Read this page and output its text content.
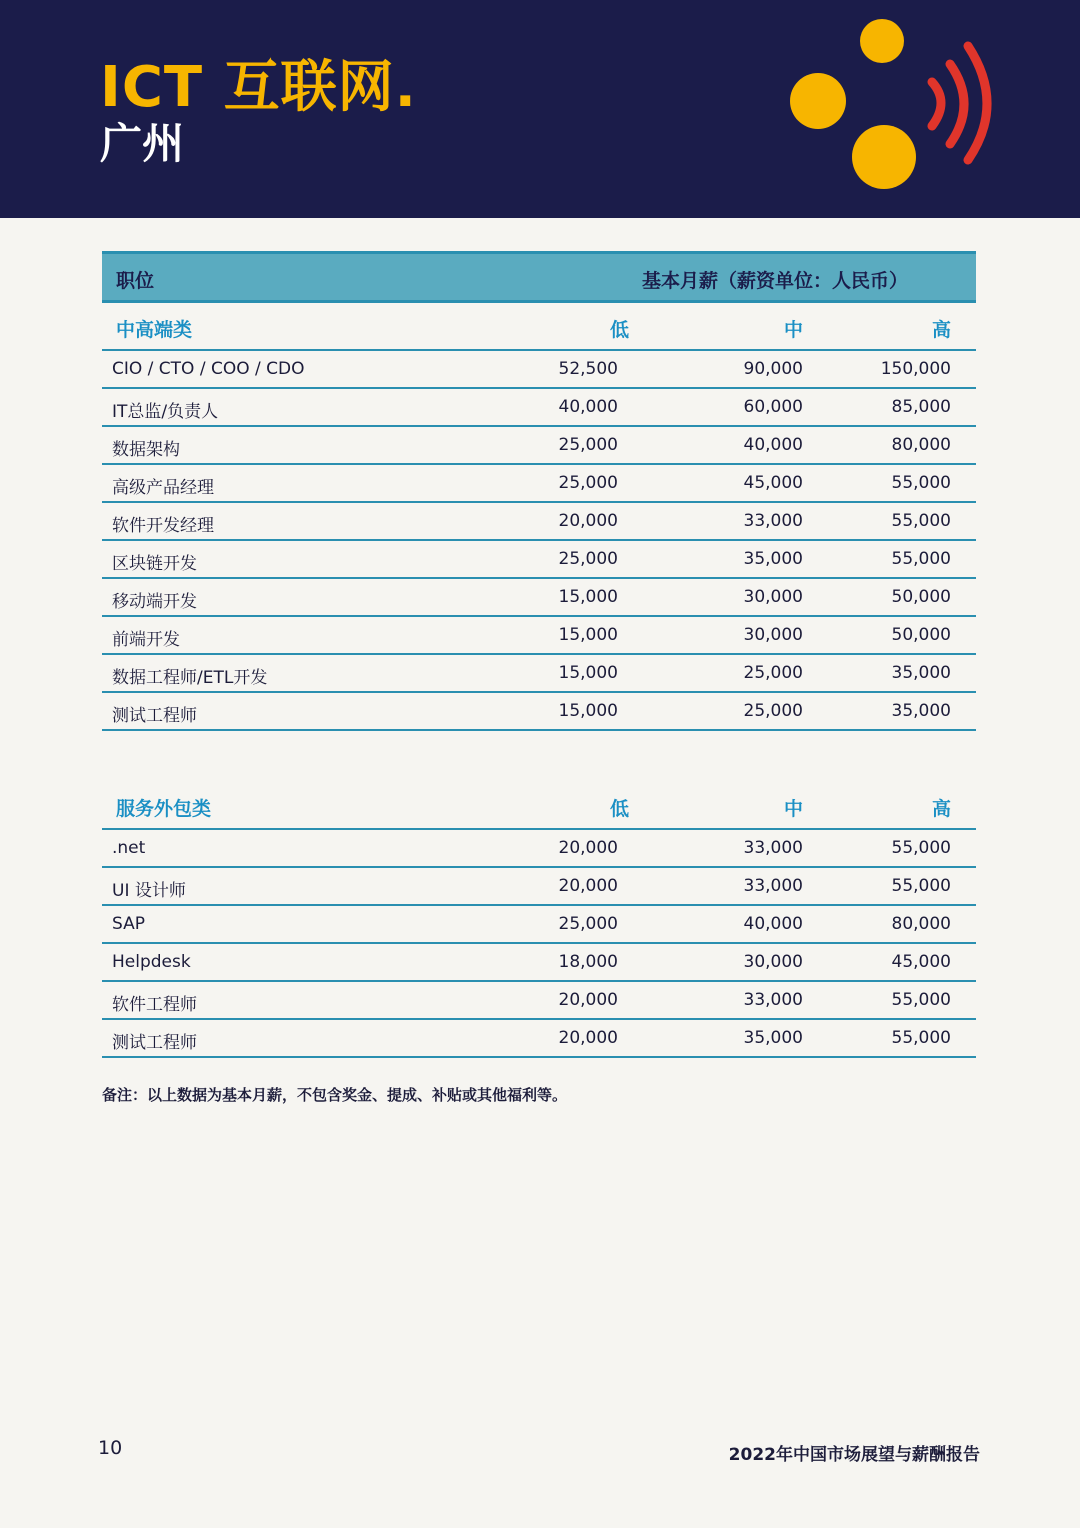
ICT 互联网.
广州
职位	基本月薪（薪资单位：人民币）
中高端类	低	中	高
CIO / CTO / COO / CDO	52,500	90,000	150,000
IT总监/负责人	40,000	60,000	85,000
数据架构	25,000	40,000	80,000
高级产品经理	25,000	45,000	55,000
软件开发经理	20,000	33,000	55,000
区块链开发	25,000	35,000	55,000
移动端开发	15,000	30,000	50,000
前端开发	15,000	30,000	50,000
数据工程师/ETL开发	15,000	25,000	35,000
测试工程师	15,000	25,000	35,000
服务外包类	低	中	高
.net	20,000	33,000	55,000
UI 设计师	20,000	33,000	55,000
SAP	25,000	40,000	80,000
Helpdesk	18,000	30,000	45,000
软件工程师	20,000	33,000	55,000
测试工程师	20,000	35,000	55,000
备注：以上数据为基本月薪，不包含奖金、提成、补贴或其他福利等。
10	2022年中国市场展望与薪酬报告
